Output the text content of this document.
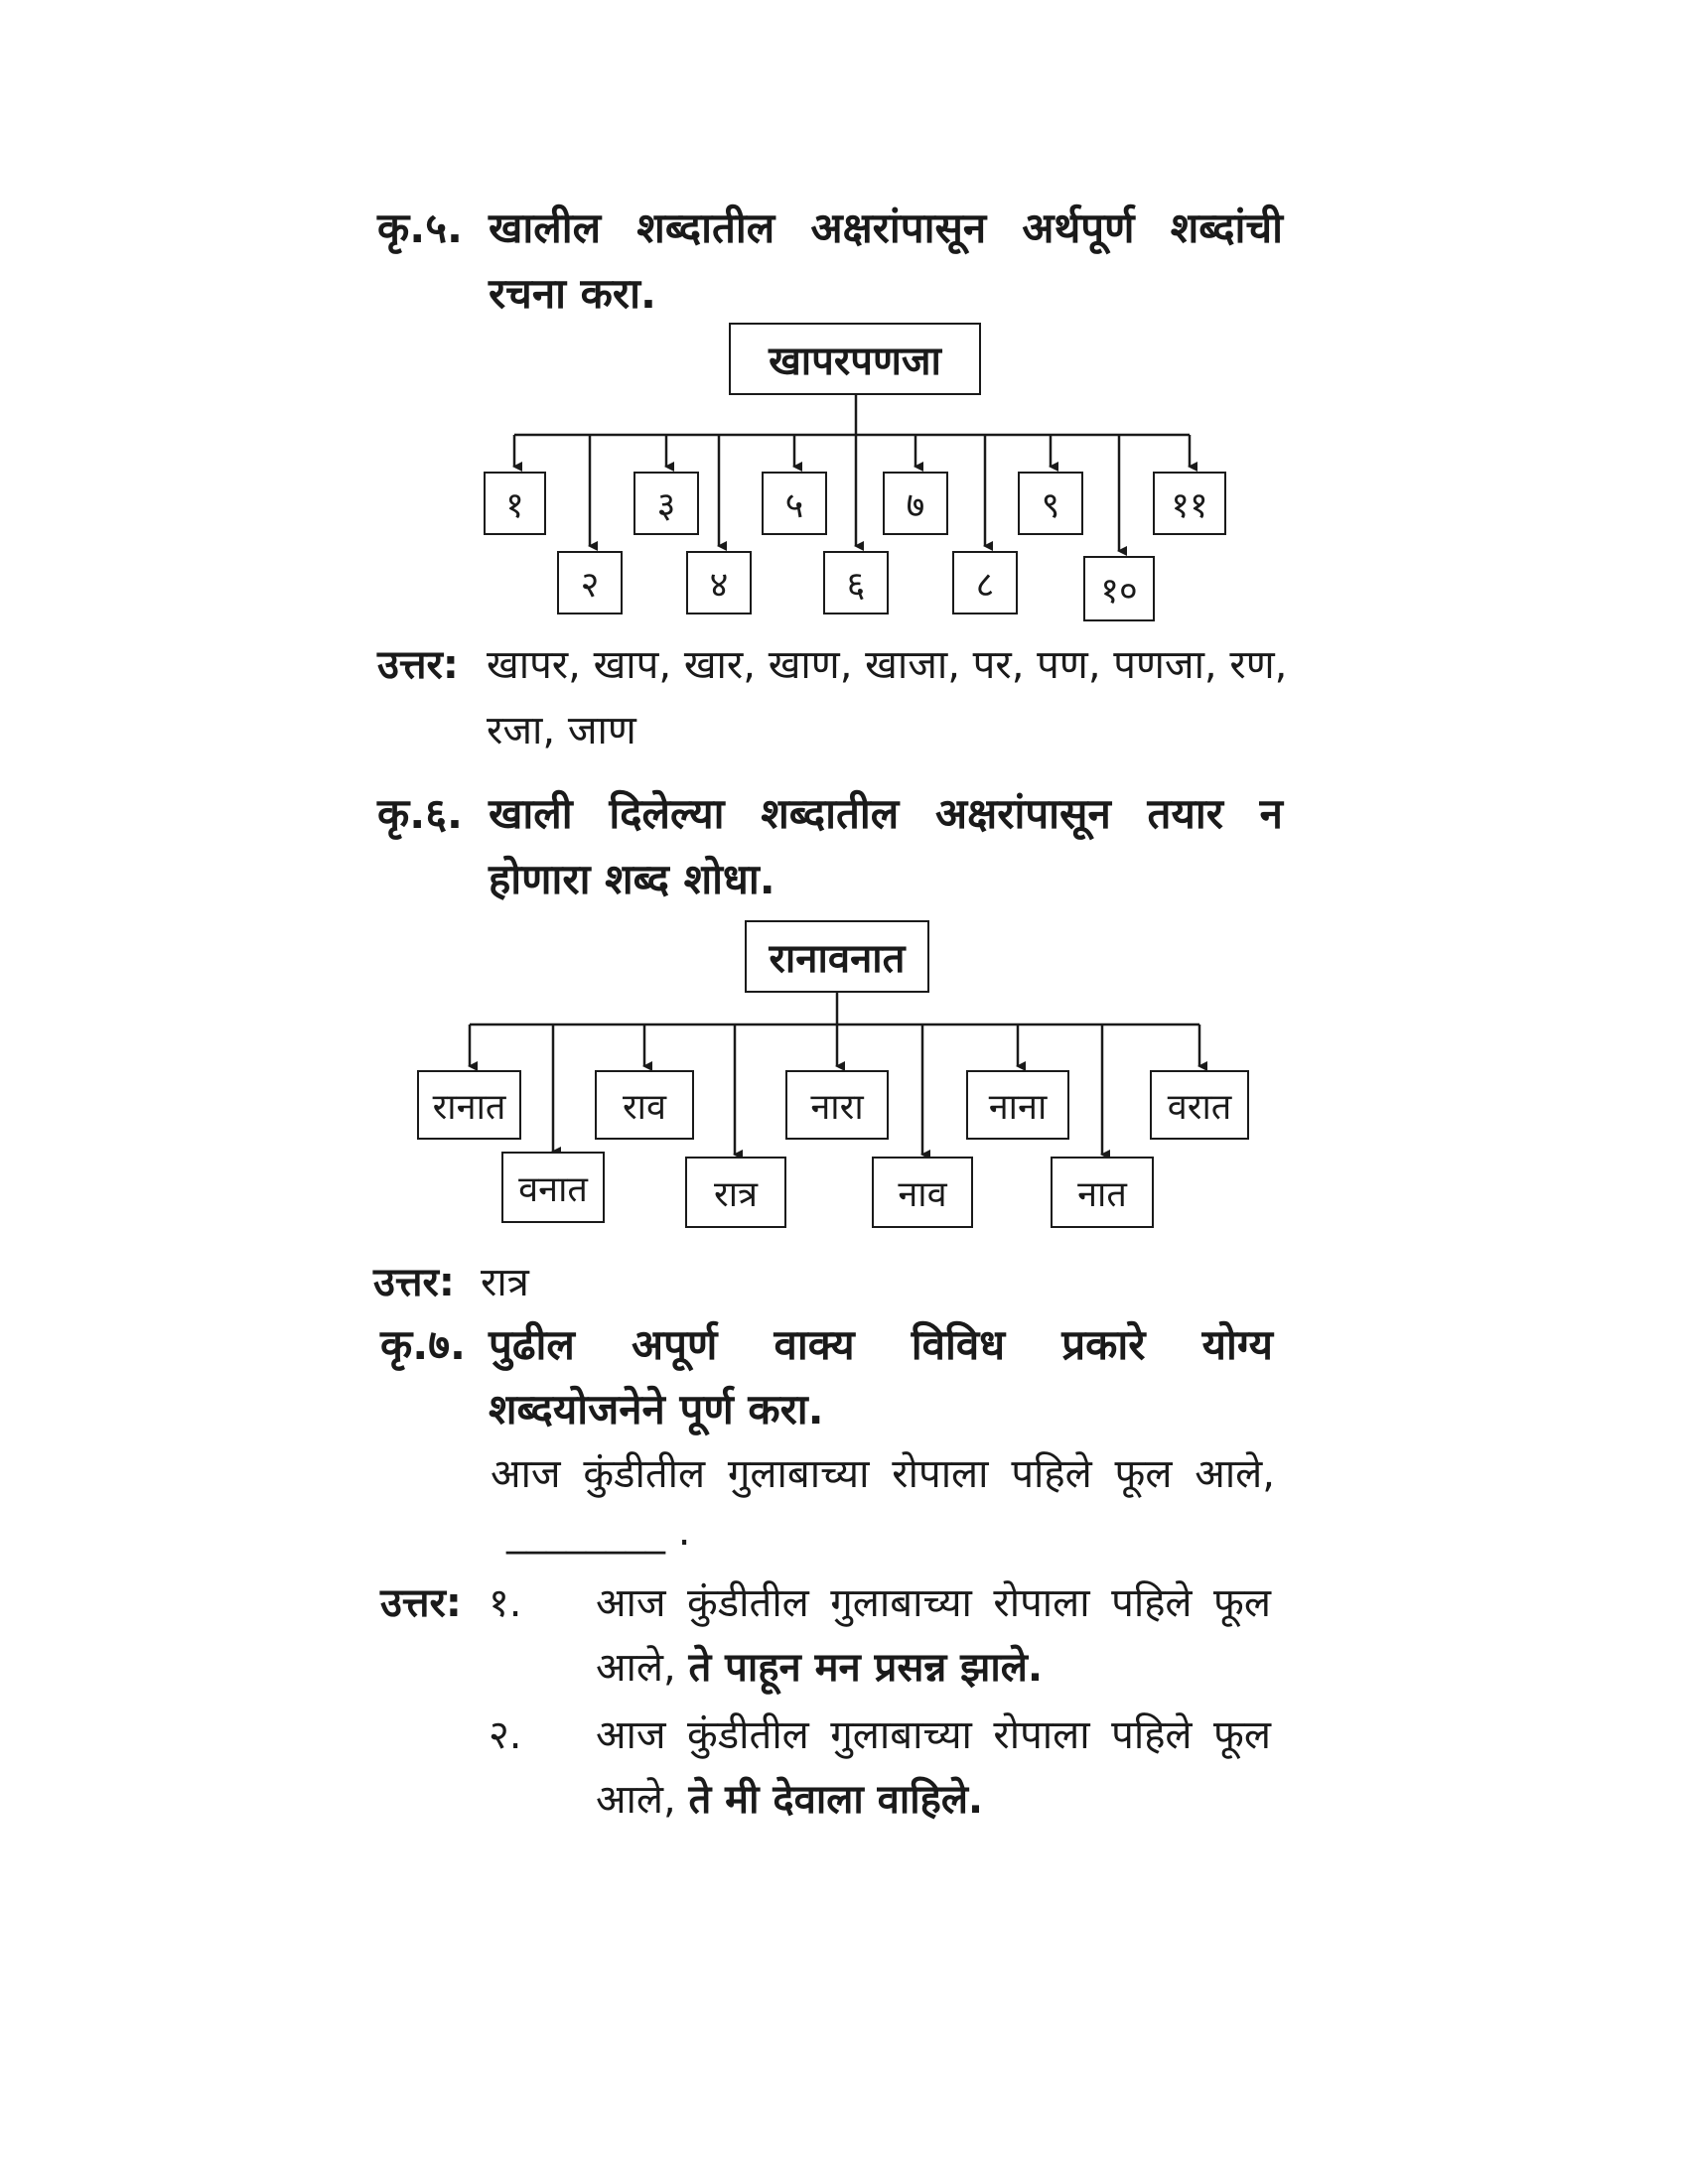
कृ.५. खालील शब्दातील अक्षरांपासून अर्थपूर्ण शब्दांची
रचना करा.
खापरपणजा
१	३	५	७	९	११
२	४	६	८	१०
उत्तर: खापर, खाप, खार, खाण, खाजा, पर, पण, पणजा, रण,
रजा, जाण
कृ.६. खाली दिलेल्या शब्दातील अक्षरांपासून तयार न
होणारा शब्द शोधा.
रानावनात
रानात	राव	नारा	नाना	वरात
वनात	रात्र	नाव	नात
उत्तर: रात्र
कृ.७. पुढील अपूर्ण वाक्य विविध प्रकारे योग्य
शब्दयोजनेने पूर्ण करा.
आज कुंडीतील गुलाबाच्या रोपाला पहिले फूल आले,
________ .
उत्तर: १. आज कुंडीतील गुलाबाच्या रोपाला पहिले फूल
आले, ते पाहून मन प्रसन्न झाले.
२. आज कुंडीतील गुलाबाच्या रोपाला पहिले फूल
आले, ते मी देवाला वाहिले.
